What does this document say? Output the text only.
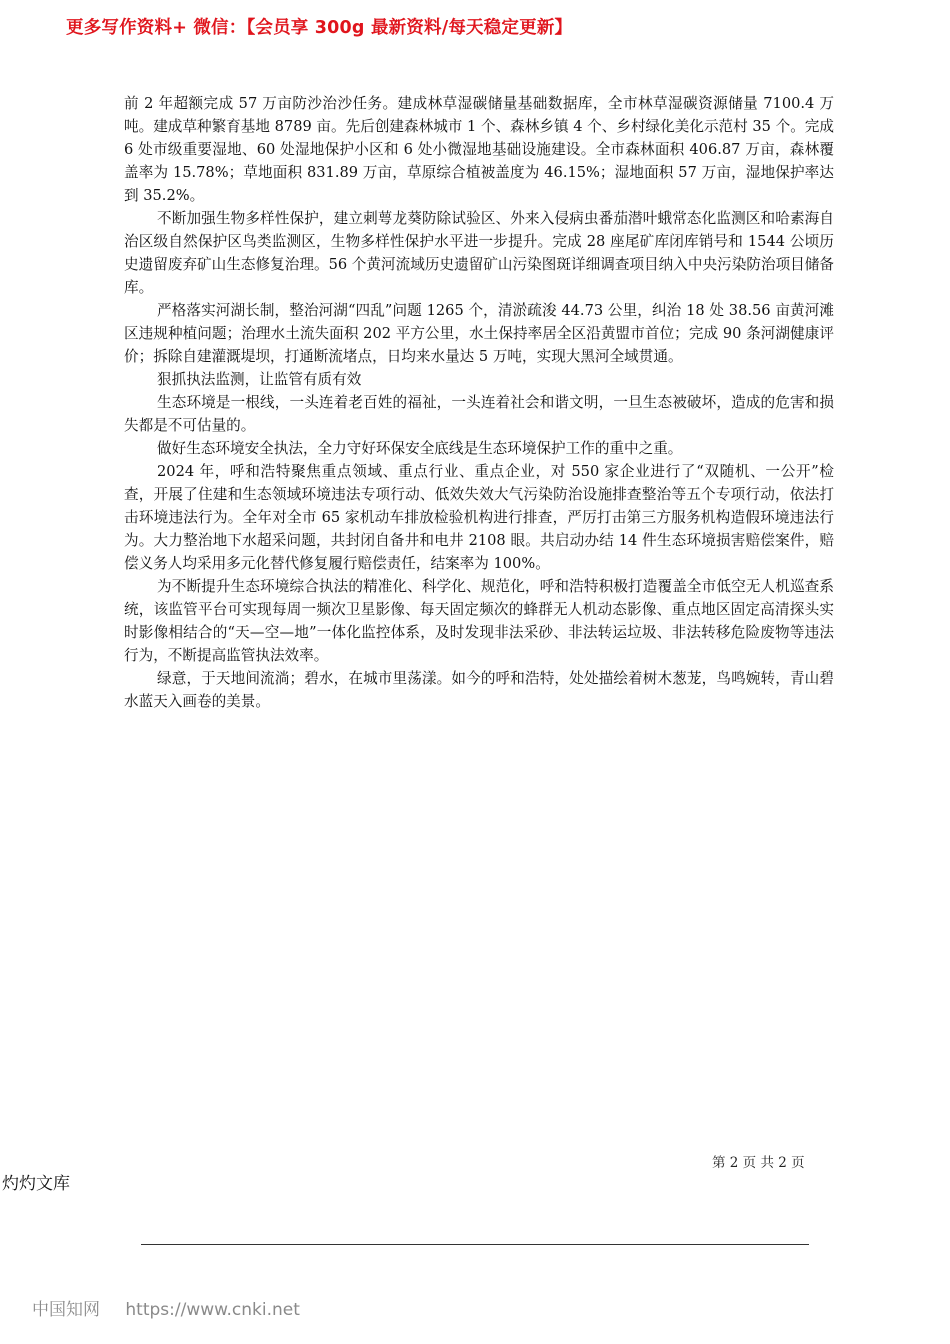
更多写作资料+ 微信：【会员享 300g 最新资料/每天稳定更新】

前 2 年超额完成 57 万亩防沙治沙任务。建成林草湿碳储量基础数据库，全市林草湿碳资源储量 7100.4 万吨。建成草种繁育基地 8789 亩。先后创建森林城市 1 个、森林乡镇 4 个、乡村绿化美化示范村 35 个。完成 6 处市级重要湿地、60 处湿地保护小区和 6 处小微湿地基础设施建设。全市森林面积 406.87 万亩，森林覆盖率为 15.78%；草地面积 831.89 万亩，草原综合植被盖度为 46.15%；湿地面积 57 万亩，湿地保护率达到 35.2%。

不断加强生物多样性保护，建立刺萼龙葵防除试验区、外来入侵病虫番茄潜叶蛾常态化监测区和哈素海自治区级自然保护区鸟类监测区，生物多样性保护水平进一步提升。完成 28 座尾矿库闭库销号和 1544 公顷历史遗留废弃矿山生态修复治理。56 个黄河流域历史遗留矿山污染图斑详细调查项目纳入中央污染防治项目储备库。

严格落实河湖长制，整治河湖“四乱”问题 1265 个，清淤疏浚 44.73 公里，纠治 18 处 38.56 亩黄河滩区违规种植问题；治理水土流失面积 202 平方公里，水土保持率居全区沿黄盟市首位；完成 90 条河湖健康评价；拆除自建灌溉堤坝，打通断流堵点，日均来水量达 5 万吨，实现大黑河全域贯通。

狠抓执法监测，让监管有质有效

生态环境是一根线，一头连着老百姓的福祉，一头连着社会和谐文明，一旦生态被破坏，造成的危害和损失都是不可估量的。

做好生态环境安全执法，全力守好环保安全底线是生态环境保护工作的重中之重。

2024 年，呼和浩特聚焦重点领域、重点行业、重点企业，对 550 家企业进行了“双随机、一公开”检查，开展了住建和生态领域环境违法专项行动、低效失效大气污染防治设施排查整治等五个专项行动，依法打击环境违法行为。全年对全市 65 家机动车排放检验机构进行排查，严厉打击第三方服务机构造假环境违法行为。大力整治地下水超采问题，共封闭自备井和电井 2108 眼。共启动办结 14 件生态环境损害赔偿案件，赔偿义务人均采用多元化替代修复履行赔偿责任，结案率为 100%。

为不断提升生态环境综合执法的精准化、科学化、规范化，呼和浩特积极打造覆盖全市低空无人机巡查系统，该监管平台可实现每周一频次卫星影像、每天固定频次的蜂群无人机动态影像、重点地区固定高清探头实时影像相结合的“天—空—地”一体化监控体系，及时发现非法采砂、非法转运垃圾、非法转移危险废物等违法行为，不断提高监管执法效率。

绿意，于天地间流淌；碧水，在城市里荡漾。如今的呼和浩特，处处描绘着树木葱茏，鸟鸣婉转，青山碧水蓝天入画卷的美景。

第 2 页 共 2 页
灼灼文库
中国知网 https://www.cnki.net
